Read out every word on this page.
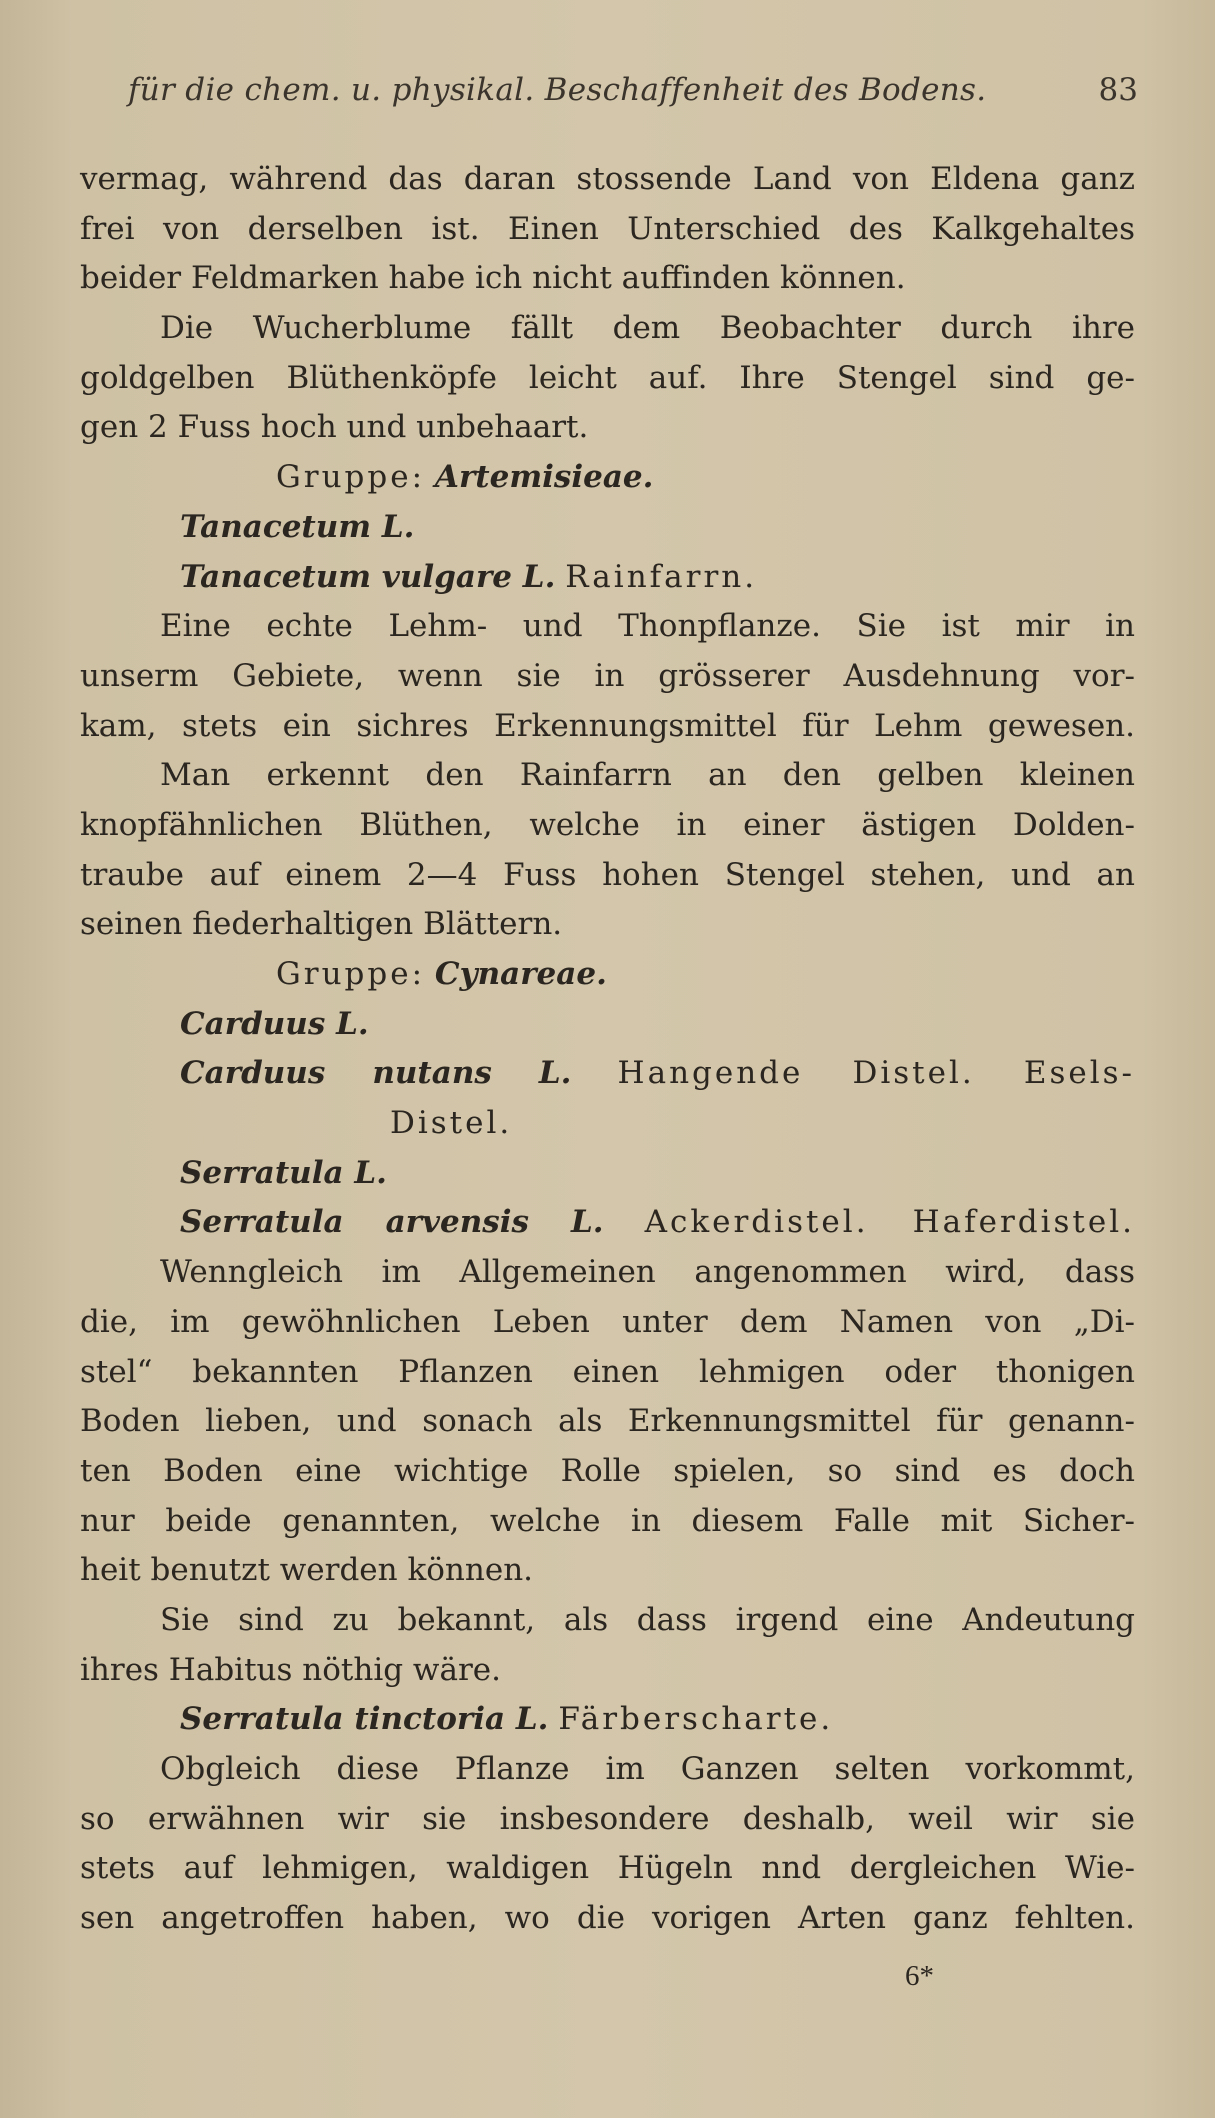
für die chem. u. physikal. Beschaffenheit des Bodens.	83
vermag, während das daran stossende Land von Eldena ganz
frei von derselben ist. Einen Unterschied des Kalkgehaltes
beider Feldmarken habe ich nicht auffinden können.
Die Wucherblume fällt dem Beobachter durch ihre
goldgelben Blüthenköpfe leicht auf. Ihre Stengel sind ge-
gen 2 Fuss hoch und unbehaart.
Gruppe: Artemisieae.
Tanacetum L.
Tanacetum vulgare L. Rainfarrn.
Eine echte Lehm- und Thonpflanze. Sie ist mir in
unserm Gebiete, wenn sie in grösserer Ausdehnung vor-
kam, stets ein sichres Erkennungsmittel für Lehm gewesen.
Man erkennt den Rainfarrn an den gelben kleinen
knopfähnlichen Blüthen, welche in einer ästigen Dolden-
traube auf einem 2—4 Fuss hohen Stengel stehen, und an
seinen fiederhaltigen Blättern.
Gruppe: Cynareae.
Carduus L.
Carduus nutans L. Hangende Distel. Esels-
Distel.
Serratula L.
Serratula arvensis L. Ackerdistel. Haferdistel.
Wenngleich im Allgemeinen angenommen wird, dass
die, im gewöhnlichen Leben unter dem Namen von „Di-
stel“ bekannten Pflanzen einen lehmigen oder thonigen
Boden lieben, und sonach als Erkennungsmittel für genann-
ten Boden eine wichtige Rolle spielen, so sind es doch
nur beide genannten, welche in diesem Falle mit Sicher-
heit benutzt werden können.
Sie sind zu bekannt, als dass irgend eine Andeutung
ihres Habitus nöthig wäre.
Serratula tinctoria L. Färberscharte.
Obgleich diese Pflanze im Ganzen selten vorkommt,
so erwähnen wir sie insbesondere deshalb, weil wir sie
stets auf lehmigen, waldigen Hügeln nnd dergleichen Wie-
sen angetroffen haben, wo die vorigen Arten ganz fehlten.
6*
